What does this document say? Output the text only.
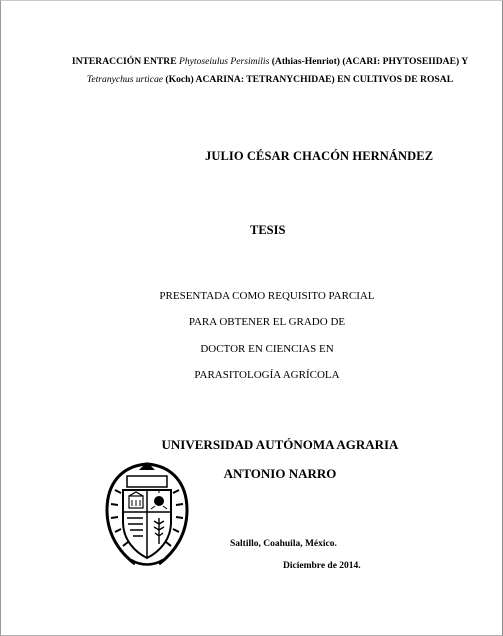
INTERACCIÓN ENTRE Phytoseiulus Persimilis (Athias-Henriot) (ACARI: PHYTOSEIIDAE) Y Tetranychus urticae (Koch) ACARINA: TETRANYCHIDAE) EN CULTIVOS DE ROSAL
JULIO CÉSAR CHACÓN HERNÁNDEZ
TESIS
PRESENTADA COMO REQUISITO PARCIAL
PARA OBTENER EL GRADO DE
DOCTOR EN CIENCIAS EN
PARASITOLOGÍA AGRÍCOLA
UNIVERSIDAD AUTÓNOMA AGRARIA
ANTONIO NARRO
Saltillo, Coahuila, México.
Diciembre de 2014.
